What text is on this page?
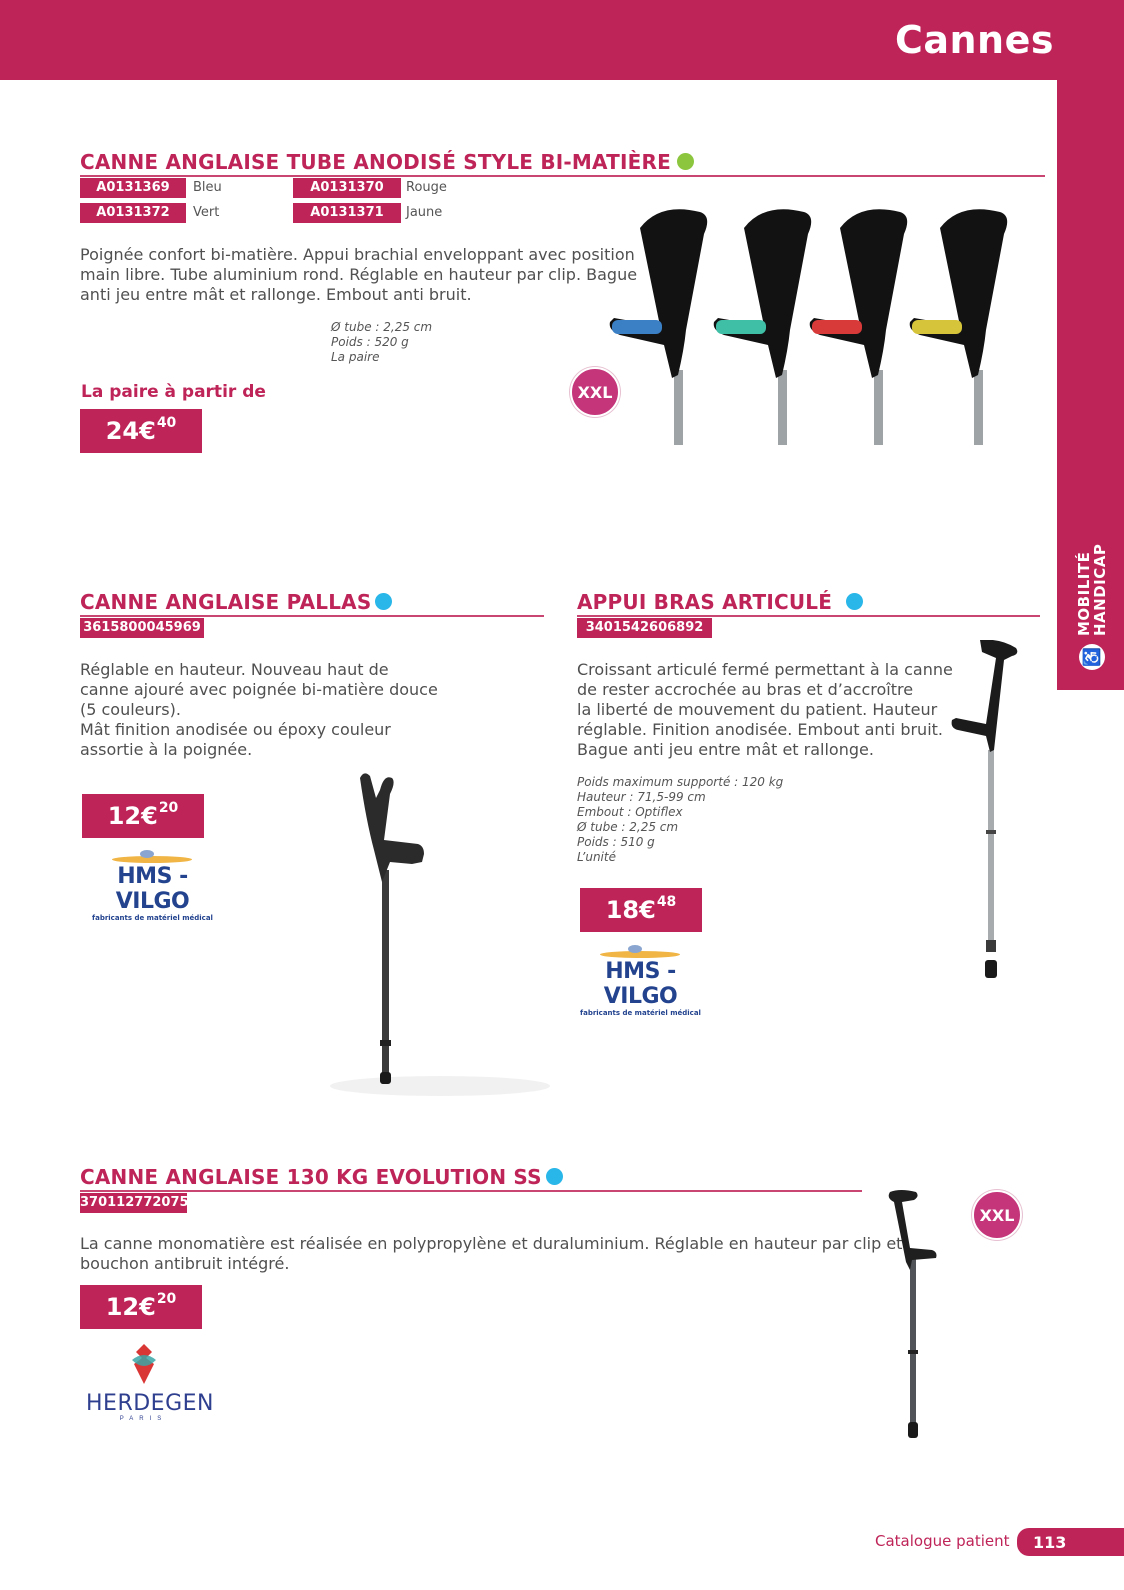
Cannes
♿
MOBILITÉ
HANDICAP
CANNE ANGLAISE TUBE ANODISÉ STYLE BI-MATIÈRE
A0131369	Bleu	A0131370	Rouge
A0131372	Vert	A0131371	Jaune
Poignée confort bi-matière. Appui brachial enveloppant avec position
main libre. Tube aluminium rond. Réglable en hauteur par clip. Bague
anti jeu entre mât et rallonge. Embout anti bruit.
Ø tube : 2,25 cm
Poids : 520 g
La paire
La paire à partir de
24€ 40
XXL
CANNE ANGLAISE PALLAS
3615800045969
Réglable en hauteur. Nouveau haut de
canne ajouré avec poignée bi-matière douce
(5 couleurs).
Mât finition anodisée ou époxy couleur
assortie à la poignée.
12€ 20
HMS - VILGO
fabricants de matériel médical
APPUI BRAS ARTICULÉ
3401542606892
Croissant articulé fermé permettant à la canne
de rester accrochée au bras et d’accroître
la liberté de mouvement du patient. Hauteur
réglable. Finition anodisée. Embout anti bruit.
Bague anti jeu entre mât et rallonge.
Poids maximum supporté : 120 kg
Hauteur : 71,5-99 cm
Embout : Optiflex
Ø tube : 2,25 cm
Poids : 510 g
L’unité
18€ 48
HMS - VILGO
fabricants de matériel médical
CANNE ANGLAISE 130 KG EVOLUTION SS
3701127720754
La canne monomatière est réalisée en polypropylène et duraluminium. Réglable en hauteur par clip et
bouchon antibruit intégré.
12€ 20
HERDEGEN
PARIS
XXL
Catalogue patient	113
